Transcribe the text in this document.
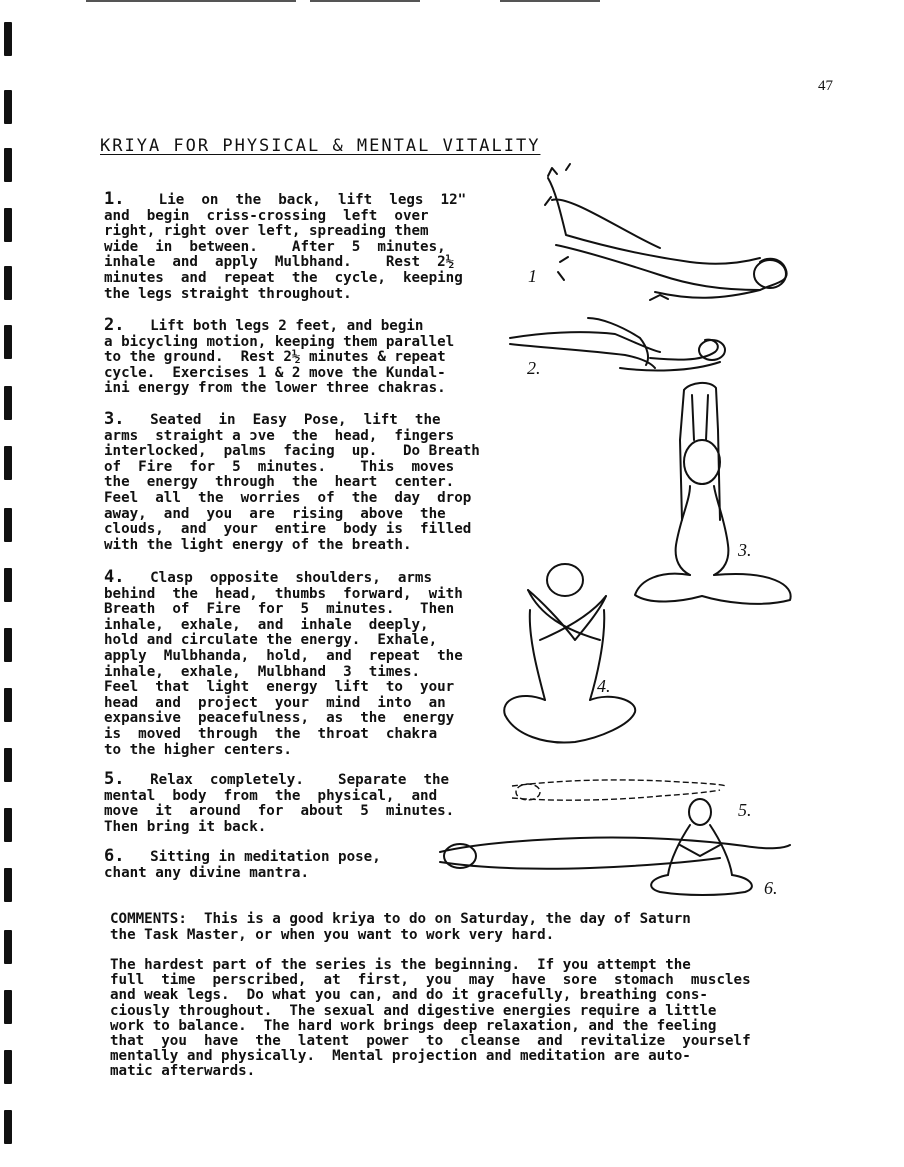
47
KRIYA FOR PHYSICAL & MENTAL VITALITY
1.    Lie  on  the  back,  lift  legs  12"
and  begin  criss-crossing  left  over
right, right over left, spreading them
wide  in  between.    After  5  minutes,
inhale  and  apply  Mulbhand.    Rest  2½
minutes  and  repeat  the  cycle,  keeping
the legs straight throughout.
2.   Lift both legs 2 feet, and begin
a bicycling motion, keeping them parallel
to the ground.  Rest 2½ minutes & repeat
cycle.  Exercises 1 & 2 move the Kundal-
ini energy from the lower three chakras.
3.   Seated  in  Easy  Pose,  lift  the
arms  straight a ɔve  the  head,  fingers
interlocked,  palms  facing  up.   Do Breath
of  Fire  for  5  minutes.    This  moves
the  energy  through  the  heart  center.
Feel  all  the  worries  of  the  day  drop
away,  and  you  are  rising  above  the
clouds,  and  your  entire  body is  filled
with the light energy of the breath.
4.   Clasp  opposite  shoulders,  arms
behind  the  head,  thumbs  forward,  with
Breath  of  Fire  for  5  minutes.   Then
inhale,  exhale,  and  inhale  deeply,
hold and circulate the energy.  Exhale,
apply  Mulbhanda,  hold,  and  repeat  the
inhale,  exhale,  Mulbhand  3  times.
Feel  that  light  energy  lift  to  your
head  and  project  your  mind  into  an
expansive  peacefulness,  as  the  energy
is  moved  through  the  throat  chakra
to the higher centers.
5.   Relax  completely.    Separate  the
mental  body  from  the  physical,  and
move  it  around  for  about  5  minutes.
Then bring it back.
6.   Sitting in meditation pose,
chant any divine mantra.
COMMENTS:  This is a good kriya to do on Saturday, the day of Saturn
the Task Master, or when you want to work very hard.
The hardest part of the series is the beginning.  If you attempt the
full  time  perscribed,  at  first,  you  may  have  sore  stomach  muscles
and weak legs.  Do what you can, and do it gracefully, breathing cons-
ciously throughout.  The sexual and digestive energies require a little
work to balance.  The hard work brings deep relaxation, and the feeling
that  you  have  the  latent  power  to  cleanse  and  revitalize  yourself
mentally and physically.  Mental projection and meditation are auto-
matic afterwards.
1
2.
3.
4.
5.
6.
